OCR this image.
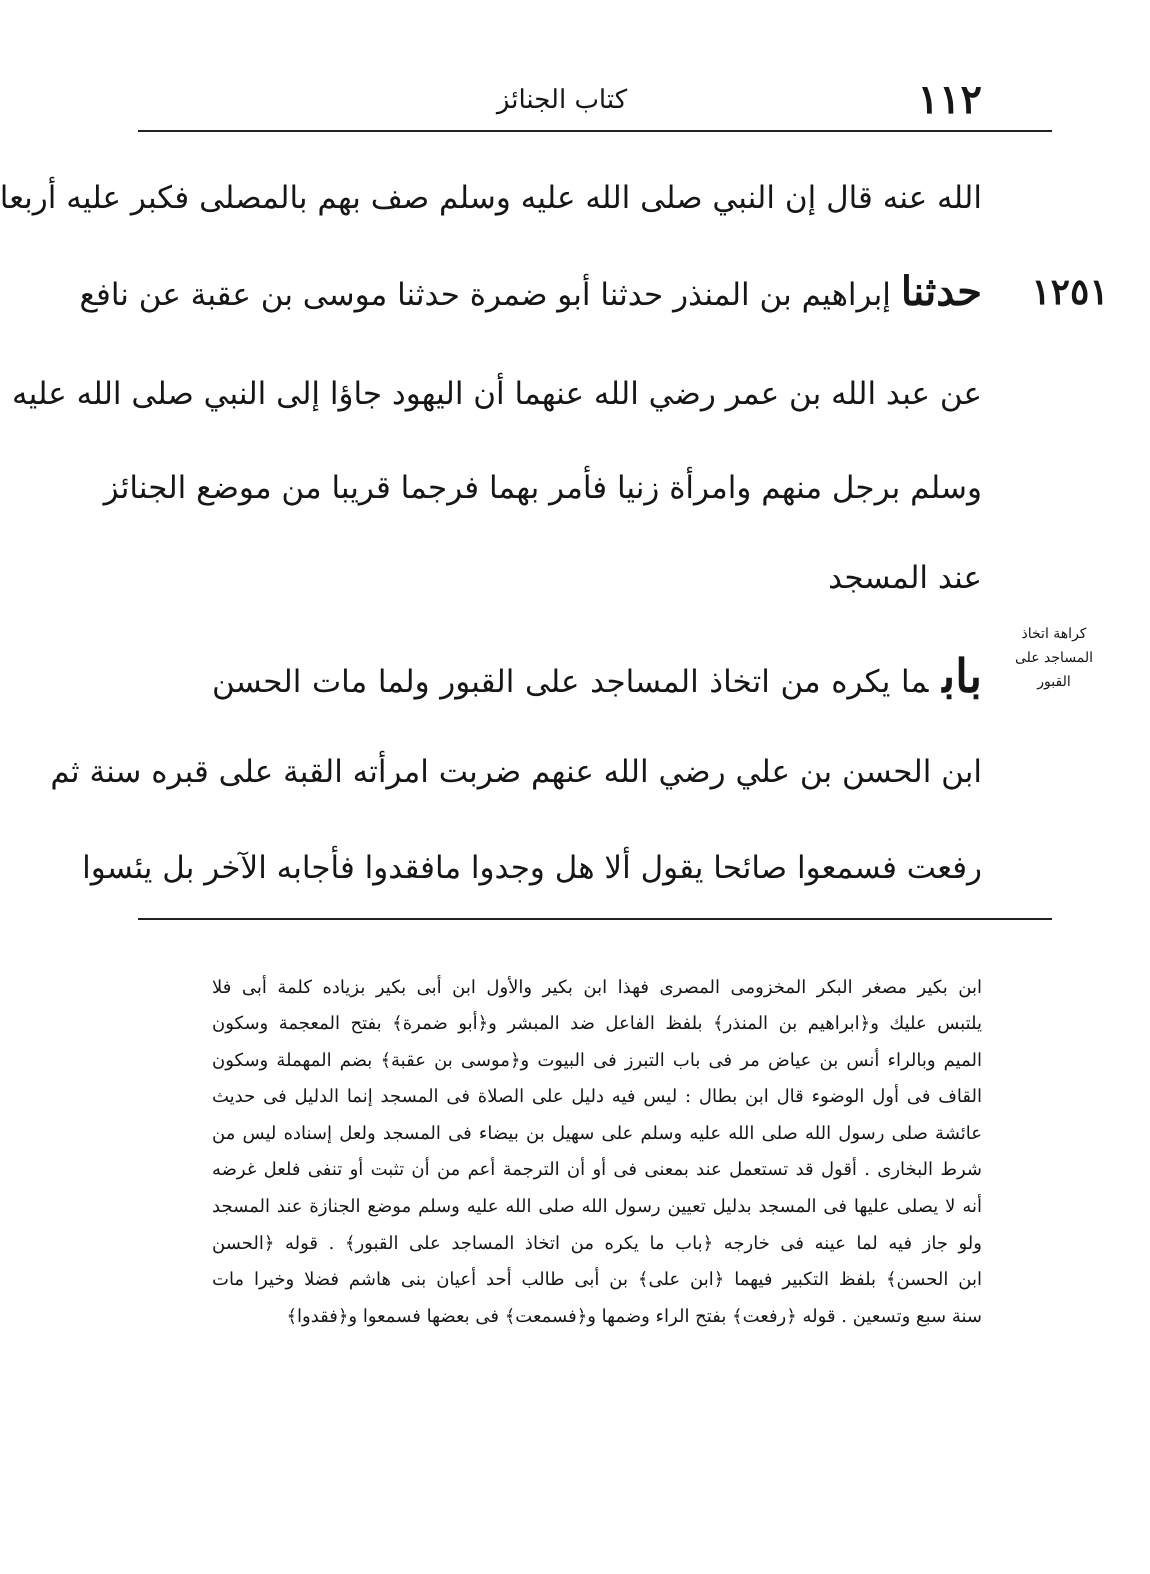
١١٢
كتاب الجنائز
الله عنه قال إن النبي صلى الله عليه وسلم صف بهم بالمصلى فكبر عليه أربعا
١٢٥١
حدثناإبراهيم بن المنذر حدثنا أبو ضمرة حدثنا موسى بن عقبة عن نافع
عن عبد الله بن عمر رضي الله عنهما أن اليهود جاؤا إلى النبي صلى الله عليه
وسلم برجل منهم وامرأة زنيا فأمر بهما فرجما قريبا من موضع الجنائز
عند المسجد
كراهة اتخاذ
المساجد على
القبور
بابما يكره من اتخاذ المساجد على القبور ولما مات الحسن
ابن الحسن بن علي رضي الله عنهم ضربت امرأته القبة على قبره سنة ثم
رفعت فسمعوا صائحا يقول ألا هل وجدوا مافقدوا فأجابه الآخر بل يئسوا
ابن بكير مصغر البكر المخزومى المصرى فهذا ابن بكير والأول ابن أبى بكير بزياده كلمة أبى فلا
يلتبس عليك و﴿ابراهيم بن المنذر﴾ بلفظ الفاعل ضد المبشر و﴿أبو ضمرة﴾ بفتح المعجمة وسكون
الميم وبالراء أنس بن عياض مر فى باب التبرز فى البيوت و﴿موسى بن عقبة﴾ بضم المهملة وسكون
القاف فى أول الوضوء قال ابن بطال : ليس فيه دليل على الصلاة فى المسجد إنما الدليل فى حديث
عائشة صلى رسول الله صلى الله عليه وسلم على سهيل بن بيضاء فى المسجد ولعل إسناده ليس من
شرط البخارى . أقول قد تستعمل عند بمعنى فى أو أن الترجمة أعم من أن تثبت أو تنفى فلعل غرضه
أنه لا يصلى عليها فى المسجد بدليل تعيين رسول الله صلى الله عليه وسلم موضع الجنازة عند المسجد
ولو جاز فيه لما عينه فى خارجه ﴿باب ما يكره من اتخاذ المساجد على القبور﴾ . قوله ﴿الحسن
ابن الحسن﴾ بلفظ التكبير فيهما ﴿ابن على﴾ بن أبى طالب أحد أعيان بنى هاشم فضلا وخيرا مات
سنة سبع وتسعين . قوله ﴿رفعت﴾ بفتح الراء وضمها و﴿فسمعت﴾ فى بعضها فسمعوا و﴿فقدوا﴾
